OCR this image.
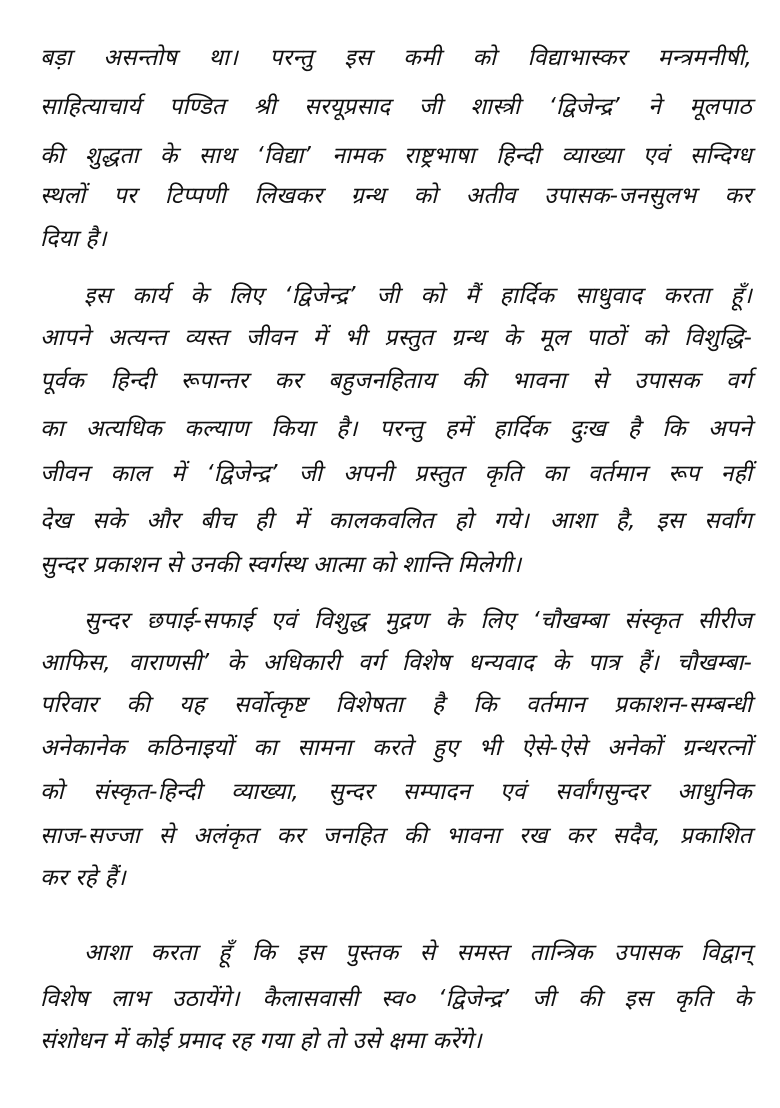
बड़ा असन्तोष था। परन्तु इस कमी को विद्याभास्कर मन्त्रमनीषी,
साहित्याचार्य पण्डित श्री सरयूप्रसाद जी शास्त्री ‘द्विजेन्द्र’ ने मूलपाठ
की शुद्धता के साथ ‘विद्या’ नामक राष्ट्रभाषा हिन्दी व्याख्या एवं सन्दिग्ध
स्थलों पर टिप्पणी लिखकर ग्रन्थ को अतीव उपासक-जनसुलभ कर
दिया है।
इस कार्य के लिए ‘द्विजेन्द्र’ जी को मैं हार्दिक साधुवाद करता हूँ।
आपने अत्यन्त व्यस्त जीवन में भी प्रस्तुत ग्रन्थ के मूल पाठों को विशुद्धि-
पूर्वक हिन्दी रूपान्तर कर बहुजनहिताय की भावना से उपासक वर्ग
का अत्यधिक कल्याण किया है। परन्तु हमें हार्दिक दुःख है कि अपने
जीवन काल में ‘द्विजेन्द्र’ जी अपनी प्रस्तुत कृति का वर्तमान रूप नहीं
देख सके और बीच ही में कालकवलित हो गये। आशा है, इस सर्वांग
सुन्दर प्रकाशन से उनकी स्वर्गस्थ आत्मा को शान्ति मिलेगी।
सुन्दर छपाई-सफाई एवं विशुद्ध मुद्रण के लिए ‘चौखम्बा संस्कृत सीरीज
आफिस, वाराणसी’ के अधिकारी वर्ग विशेष धन्यवाद के पात्र हैं। चौखम्बा-
परिवार की यह सर्वोत्कृष्ट विशेषता है कि वर्तमान प्रकाशन-सम्बन्धी
अनेकानेक कठिनाइयों का सामना करते हुए भी ऐसे-ऐसे अनेकों ग्रन्थरत्नों
को संस्कृत-हिन्दी व्याख्या, सुन्दर सम्पादन एवं सर्वांगसुन्दर आधुनिक
साज-सज्जा से अलंकृत कर जनहित की भावना रख कर सदैव, प्रकाशित
कर रहे हैं।
आशा करता हूँ कि इस पुस्तक से समस्त तान्त्रिक उपासक विद्वान्
विशेष लाभ उठायेंगे। कैलासवासी स्व० ‘द्विजेन्द्र’ जी की इस कृति के
संशोधन में कोई प्रमाद रह गया हो तो उसे क्षमा करेंगे।
